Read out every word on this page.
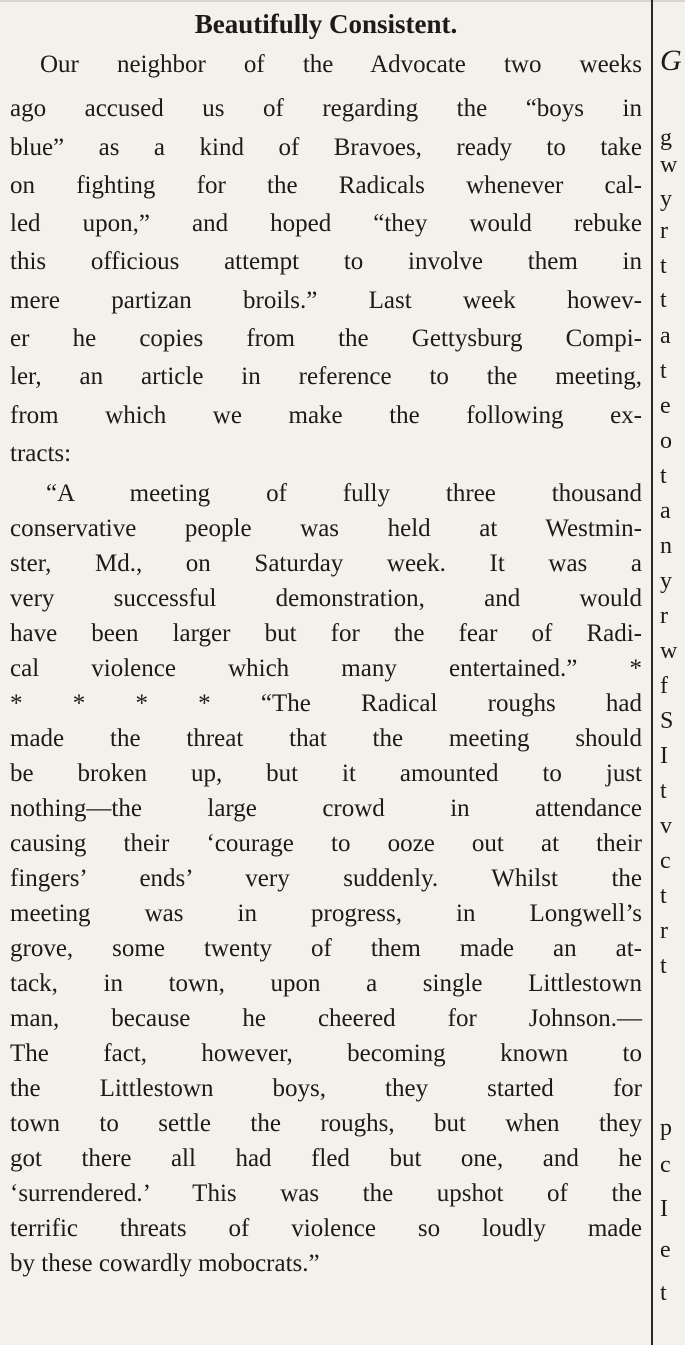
Beautifully Consistent.
Our neighbor of the Advocate two weeks
ago accused us of regarding the “boys in
blue” as a kind of Bravoes, ready to take
on fighting for the Radicals whenever cal-
led upon,” and hoped “they would rebuke
this officious attempt to involve them in
mere partizan broils.” Last week howev-
er he copies from the Gettysburg Compi-
ler, an article in reference to the meeting,
from which we make the following ex-
tracts:
“A meeting of fully three thousand
conservative people was held at Westmin-
ster, Md., on Saturday week. It was a
very successful demonstration, and would
have been larger but for the fear of Radi-
cal violence which many entertained.” *
* * * * “The Radical roughs had
made the threat that the meeting should
be broken up, but it amounted to just
nothing—the large crowd in attendance
causing their ‘courage to ooze out at their
fingers’ ends’ very suddenly. Whilst the
meeting was in progress, in Longwell’s
grove, some twenty of them made an at-
tack, in town, upon a single Littlestown
man, because he cheered for Johnson.—
The fact, however, becoming known to
the Littlestown boys, they started for
town to settle the roughs, but when they
got there all had fled but one, and he
‘surrendered.’ This was the upshot of the
terrific threats of violence so loudly made
by these cowardly mobocrats.”
G
g
w
y
r
t
t
a
t
e
o
t
a
n
y
r
w
f
S
I
t
v
c
t
r
t
p
c
I
e
t
